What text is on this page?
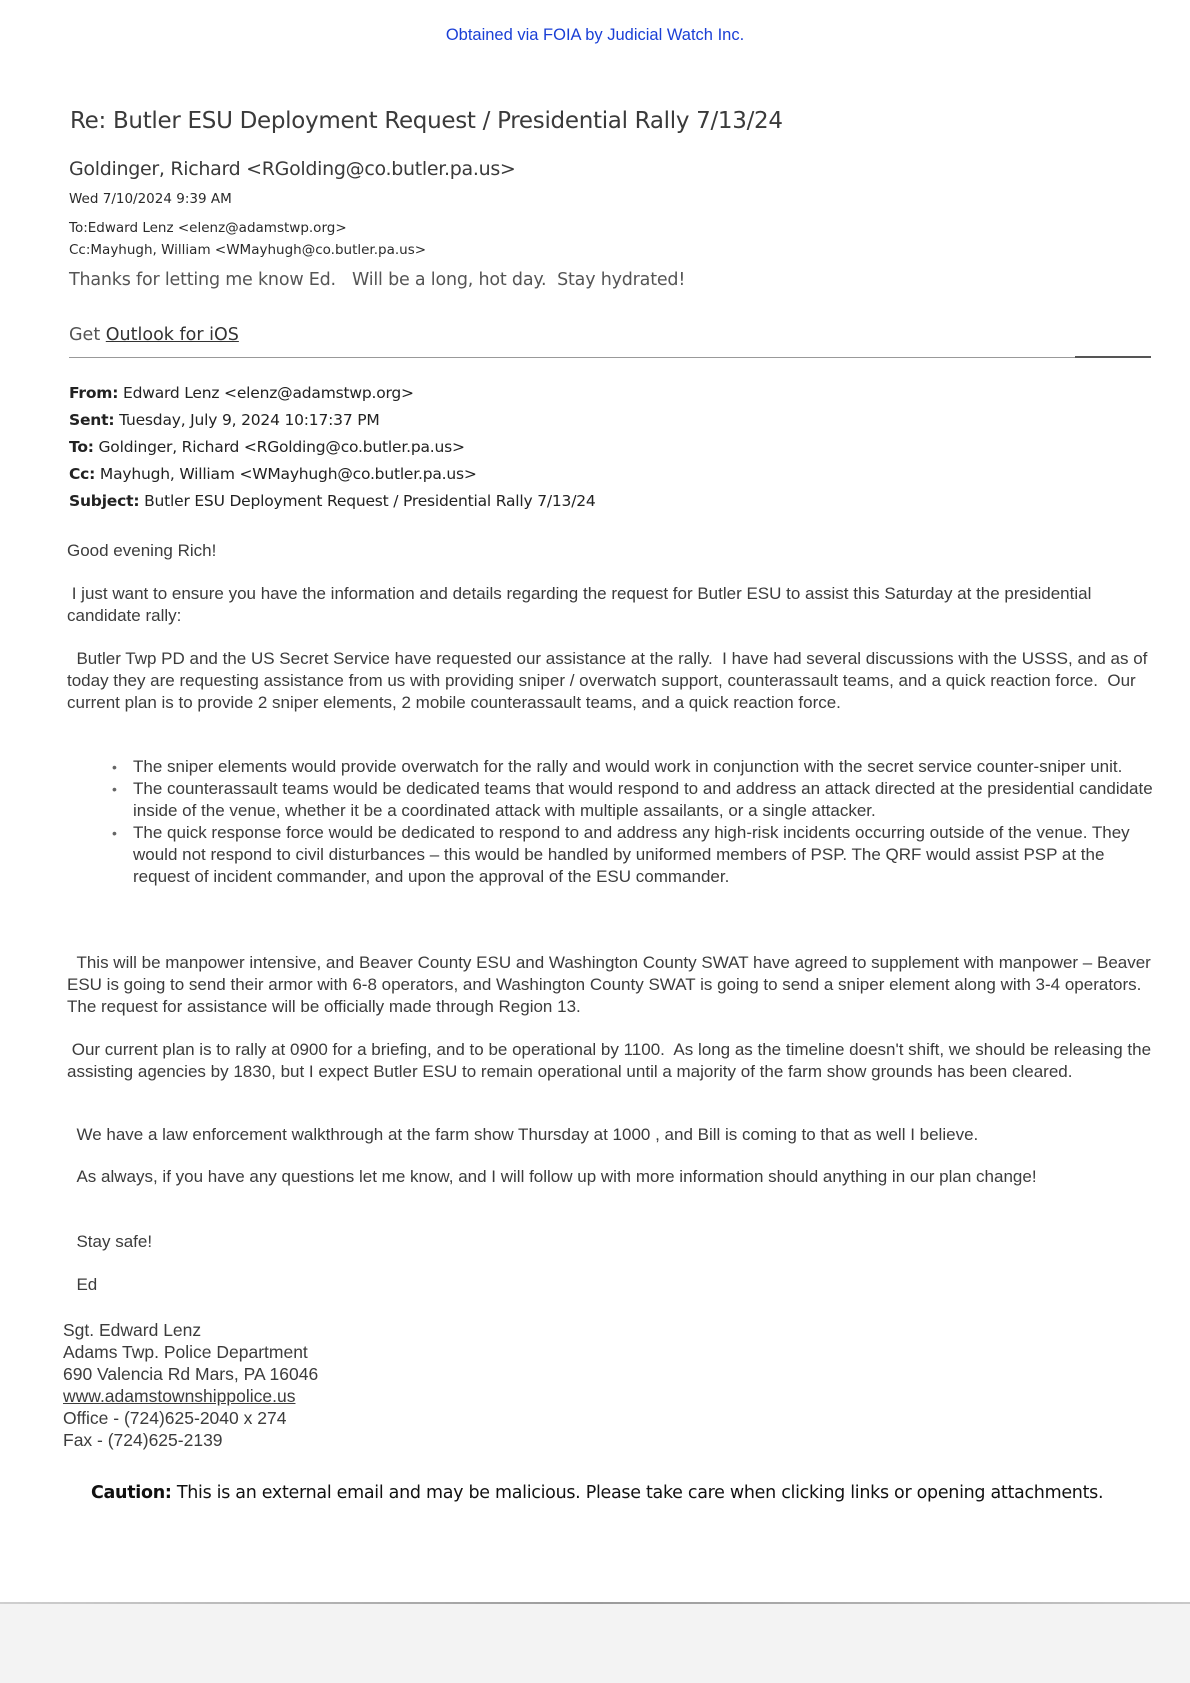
Obtained via FOIA by Judicial Watch Inc.
Re: Butler ESU Deployment Request / Presidential Rally 7/13/24
Goldinger, Richard <RGolding@co.butler.pa.us>
Wed 7/10/2024 9:39 AM
To:Edward Lenz <elenz@adamstwp.org>
Cc:Mayhugh, William <WMayhugh@co.butler.pa.us>
Thanks for letting me know Ed.   Will be a long, hot day.  Stay hydrated!
Get Outlook for iOS
From: Edward Lenz <elenz@adamstwp.org>
Sent: Tuesday, July 9, 2024 10:17:37 PM
To: Goldinger, Richard <RGolding@co.butler.pa.us>
Cc: Mayhugh, William <WMayhugh@co.butler.pa.us>
Subject: Butler ESU Deployment Request / Presidential Rally 7/13/24
Good evening Rich!
I just want to ensure you have the information and details regarding the request for Butler ESU to assist this Saturday at the presidential candidate rally:
Butler Twp PD and the US Secret Service have requested our assistance at the rally.  I have had several discussions with the USSS, and as of today they are requesting assistance from us with providing sniper / overwatch support, counterassault teams, and a quick reaction force.  Our current plan is to provide 2 sniper elements, 2 mobile counterassault teams, and a quick reaction force.
• The sniper elements would provide overwatch for the rally and would work in conjunction with the secret service counter-sniper unit.
• The counterassault teams would be dedicated teams that would respond to and address an attack directed at the presidential candidate inside of the venue, whether it be a coordinated attack with multiple assailants, or a single attacker.
• The quick response force would be dedicated to respond to and address any high-risk incidents occurring outside of the venue. They would not respond to civil disturbances – this would be handled by uniformed members of PSP. The QRF would assist PSP at the request of incident commander, and upon the approval of the ESU commander.
This will be manpower intensive, and Beaver County ESU and Washington County SWAT have agreed to supplement with manpower – Beaver ESU is going to send their armor with 6-8 operators, and Washington County SWAT is going to send a sniper element along with 3-4 operators.  The request for assistance will be officially made through Region 13.
Our current plan is to rally at 0900 for a briefing, and to be operational by 1100.  As long as the timeline doesn't shift, we should be releasing the assisting agencies by 1830, but I expect Butler ESU to remain operational until a majority of the farm show grounds has been cleared.
We have a law enforcement walkthrough at the farm show Thursday at 1000 , and Bill is coming to that as well I believe.
As always, if you have any questions let me know, and I will follow up with more information should anything in our plan change!
Stay safe!
Ed
Sgt. Edward Lenz
Adams Twp. Police Department
690 Valencia Rd Mars, PA 16046
www.adamstownshippolice.us
Office - (724)625-2040 x 274
Fax - (724)625-2139
Caution: This is an external email and may be malicious. Please take care when clicking links or opening attachments.
